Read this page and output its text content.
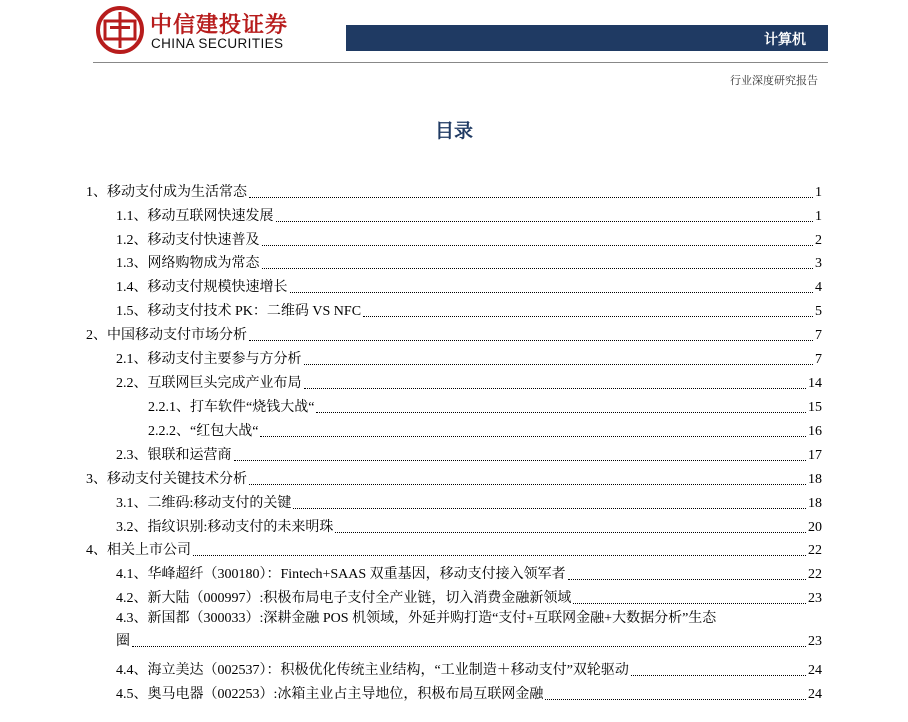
中信建投证券
CHINA SECURITIES	计算机
行业深度研究报告
目录
1、移动支付成为生活常态	1
1.1、移动互联网快速发展	1
1.2、移动支付快速普及	2
1.3、网络购物成为常态	3
1.4、移动支付规模快速增长	4
1.5、移动支付技术 PK：二维码 VS NFC	5
2、中国移动支付市场分析	7
2.1、移动支付主要参与方分析	7
2.2、互联网巨头完成产业布局	14
2.2.1、打车软件“烧钱大战“	15
2.2.2、“红包大战“	16
2.3、银联和运营商	17
3、移动支付关键技术分析	18
3.1、二维码:移动支付的关键	18
3.2、指纹识别:移动支付的未来明珠	20
4、相关上市公司	22
4.1、华峰超纤（300180）：Fintech+SAAS 双重基因，移动支付接入领军者	22
4.2、新大陆（000997）:积极布局电子支付全产业链，切入消费金融新领域	23
4.3、新国都（300033）:深耕金融 POS 机领域，外延并购打造“支付+互联网金融+大数据分析”生态
圈	23
4.4、海立美达（002537）：积极优化传统主业结构，“工业制造＋移动支付”双轮驱动	24
4.5、奥马电器（002253）:冰箱主业占主导地位，积极布局互联网金融	24
